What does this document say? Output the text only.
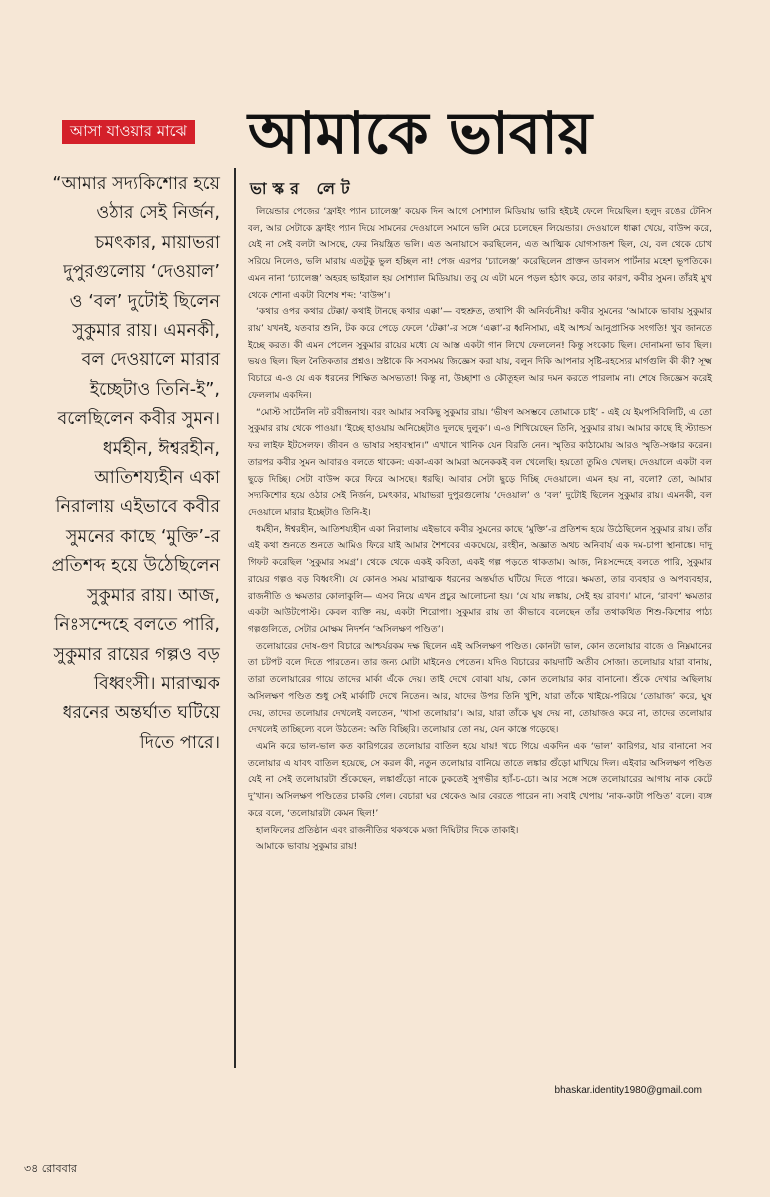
আসা যাওয়ার মাঝে আমাকে ভাবায়
“আমার সদ্যকিশোর হয়ে ওঠার সেই নির্জন, চমৎকার, মায়াভরা দুপুরগুলোয় ‘দেওয়াল’ ও ‘বল’ দুটোই ছিলেন সুকুমার রায়। এমনকী, বল দেওয়ালে মারার ইচ্ছেটাও তিনি-ই”, বলেছিলেন কবীর সুমন। ধর্মহীন, ঈশ্বরহীন, আতিশয্যহীন একা নিরালায় এইভাবে কবীর সুমনের কাছে ‘মুক্তি’-র প্রতিশব্দ হয়ে উঠেছিলেন সুকুমার রায়। আজ, নিঃসন্দেহে বলতে পারি, সুকুমার রায়ের গল্পও বড় বিধ্বংসী। মারাত্মক ধরনের অন্তর্ঘাত ঘটিয়ে দিতে পারে।
ভাস্কর লেট

লিয়েন্ডার পেজের ‘ফ্রাইং প্যান চ্যালেঞ্জ’ কয়েক দিন আগে সোশ্যাল মিডিয়ায় ভারি হইচই ফেলে দিয়েছিল। হলুদ রঙের টেনিস বল, আর সেটাকে ফ্রাইং প্যান দিয়ে সামনের দেওয়ালে সমানে ভলি মেরে চলেছেন লিয়েন্ডার। দেওয়ালে ধাক্কা খেয়ে, বাউন্স করে, যেই না সেই বলটা আসছে, ফের নিয়ন্ত্রিত ভলি। এত অনায়াসে করছিলেন, এত আত্মিক যোগসাজশ ছিল, যে, বল থেকে চোখ সরিয়ে নিলেও, ভলি মারায় এতটুকু ভুল হচ্ছিল না! পেজ এরপর ‘চ্যালেঞ্জ’ করেছিলেন প্রাক্তন ডাবলস পার্টনার মহেশ ভূপতিকে। এমন নানা ‘চ্যালেঞ্জ’ অহরহ ভাইরাল হয় সোশ্যাল মিডিয়ায়। তবু যে এটা মনে পড়ল হঠাৎ করে, তার কারণ, কবীর সুমন। তাঁরই মুখ থেকে শোনা একটা বিশেষ শব্দ: ‘বাউন্স’।

‘কথার ওপর কথার টেক্কা/ কথাই টানছে কথার এক্কা’— বহুশ্রুত, তথাপি কী অনির্বচনীয়! কবীর সুমনের ‘আমাকে ভাবায় সুকুমার রায়’ যখনই, যতবার শুনি, টক করে পেড়ে ফেলে ‘টেক্কা’-র সঙ্গে ‘এক্কা’-র ধ্বনিসাম্য, এই আশ্চর্য আনুপ্রাসিক সংগতি! খুব জানতে ইচ্ছে করত। কী এমন পেলেন সুকুমার রায়ের মধ্যে যে আস্ত একটা গান লিখে ফেললেন! কিন্তু সংকোচ ছিল। দোনামনা ভাব ছিল। ভয়ও ছিল। ছিল নৈতিকতার প্রশ্নও। স্রষ্টাকে কি সবসময় জিজ্ঞেস করা যায়, বলুন দিকি আপনার সৃষ্টি-রহস্যের মার্গগুলি কী কী? সূক্ষ্ম বিচারে এ-ও যে এক ধরনের শিক্ষিত অসভ্যতা! কিন্তু না, উচ্ছাশা ও কৌতূহল আর দমন করতে পারলাম না। শেষে জিজ্ঞেস করেই ফেললাম একদিন।

“মোস্ট সার্টেনলি নট রবীন্দ্রনাথ। বরং আমার সবকিছু সুকুমার রায়। ‘ভীষণ অসম্ভবে তোমাকে চাই’ - এই যে ইমপসিবিলিটি, এ তো সুকুমার রায় থেকে পাওয়া। ‘ইচ্ছে হাওয়ায় অনিচ্ছেটাও দুলছে দুলুক’। এ-ও শিখিয়েছেন তিনি, সুকুমার রায়। আমার কাছে হি স্ট্যান্ডস ফর লাইফ ইটসেলফ। জীবন ও ভাষার সহাবস্থান।” এখানে খানিক যেন বিরতি নেন। স্মৃতির কাঠামোয় আরও স্মৃতি-সঞ্চার করেন। তারপর কবীর সুমন আবারও বলতে থাকেন: একা-একা আমরা অনেককই বল খেলেছি। হয়তো তুমিও খেলছ। দেওয়ালে একটা বল ছুড়ে দিচ্ছি। সেটা বাউন্স করে ফিরে আসছে। ধরছি। আবার সেটা ছুড়ে দিচ্ছি দেওয়ালে। এমন হয় না, বলো? তো, আমার সদ্যকিশোর হয়ে ওঠার সেই নির্জন, চমৎকার, মায়াভরা দুপুরগুলোয় ‘দেওয়াল’ ও ‘বল’ দুটোই ছিলেন সুকুমার রায়। এমনকী, বল দেওয়ালে মারার ইচ্ছেটাও তিনি-ই।

ধর্মহীন, ঈশ্বরহীন, আতিশয্যহীন একা নিরালায় এইভাবে কবীর সুমনের কাছে ‘মুক্তি’-র প্রতিশব্দ হয়ে উঠেছিলেন সুকুমার রায়। তাঁর এই কথা শুনতে শুনতে আমিও ফিরে যাই আমার শৈশবের একঘেয়ে, রংহীন, অজ্ঞাত অথচ অনিবার্য এক দম-চাপা স্থানাঙ্কে। দাদু গিফট করেছিল ‘সুকুমার সমগ্র’। থেকে থেকে একই কবিতা, একই গল্প পড়তে থাকতাম। আজ, নিঃসন্দেহে বলতে পারি, সুকুমার রায়ের গল্পও বড় বিধ্বংসী। যে কোনও সময় মারাত্মক ধরনের অন্তর্ঘাত ঘটিয়ে দিতে পারে। ক্ষমতা, তার ব্যবহার ও অপব্যবহার, রাজনীতি ও ক্ষমতার কোলাকুলি— এসব নিয়ে এখন প্রচুর আলোচনা হয়। ‘যে যায় লঙ্কায়, সেই হয় রাবণ।’ মানে, ‘রাবণ’ ক্ষমতার একটা আউটপোস্ট। কেবল ব্যক্তি নয়, একটা শিরোপা। সুকুমার রায় তা কীভাবে বলেছেন তাঁর তথাকথিত শিশু-কিশোর পাঠ্য গল্পগুলিতে, সেটার মোক্ষম নিদর্শন ‘অসিলক্ষণ পণ্ডিত’।

তলোয়ারের দোষ-গুণ বিচারে আশ্চর্যরকম দক্ষ ছিলেন এই অসিলক্ষণ পণ্ডিত। কোনটা ভাল, কোন তলোয়ার বাজে ও নিম্নমানের তা চটপট বলে দিতে পারতেন। তার জন্য মোটা মাইনেও পেতেন। যদিও বিচারের কায়দাটি অতীব সোজা। তলোয়ার যারা বানায়, তারা তলোয়ারের গায়ে তাদের মার্কা এঁকে দেয়। তাই দেখে বোঝা যায়, কোন তলোয়ার কার বানানো। শুঁকে দেখার অছিলায় অসিলক্ষণ পণ্ডিত শুধু সেই মার্কাটি দেখে নিতেন। আর, যাদের উপর তিনি খুশি, যারা তাঁকে খাইয়ে-পরিয়ে ‘তোয়াজ’ করে, ঘুষ দেয়, তাদের তলোয়ার দেখলেই বলতেন, ‘খাসা তলোয়ার’। আর, যারা তাঁকে ঘুষ দেয় না, তোয়াজও করে না, তাদের তলোয়ার দেখলেই তাচ্ছিল্যে বলে উঠতেন: অতি বিচ্ছিরি। তলোয়ার তো নয়, যেন কাস্তে গড়েছে।

এমনি করে ভাল-ভাল কত কারিগরের তলোয়ার বাতিল হয়ে যায়! খচে গিয়ে একদিন এক ‘ভাল’ কারিগর, যার বানানো সব তলোয়ার এ যাবৎ বাতিল হয়েছে, সে করল কী, নতুন তলোয়ার বানিয়ে তাতে লঙ্কার গুঁড়ো মাখিয়ে দিল। এইবার অসিলক্ষণ পণ্ডিত যেই না সেই তলোয়ারটা শুঁকেছেন, লঙ্কাগুঁড়ো নাকে ঢুকতেই সুগভীর হ্যাঁ-চ-চো। আর সঙ্গে সঙ্গে তলোয়ারের আগায় নাক কেটে দু’খান। অসিলক্ষণ পণ্ডিতের চাকরি গেল। বেচারা ঘর থেকেও আর বেরতে পারেন না। সবাই খেপায় ‘নাক-কাটা পণ্ডিত’ বলে। ব্যঙ্গ করে বলে, ‘তলোয়ারটা কেমন ছিল!’

হালফিলের প্রতিষ্ঠান এবং রাজনীতির থকথকে মজা দিঘিটার দিকে তাকাই।

আমাকে ভাবায় সুকুমার রায়!

bhaskar.identity1980@gmail.com
৩৪ রোববার
